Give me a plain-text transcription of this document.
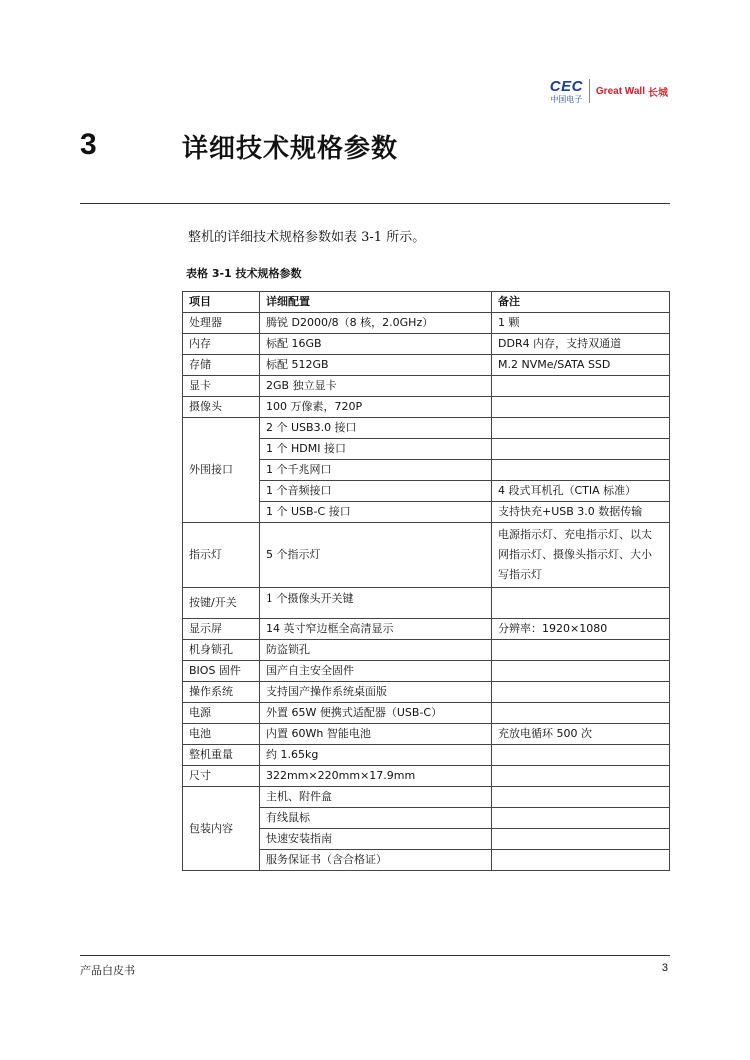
CEC
中国电子
Great Wall 长城
3	详细技术规格参数
整机的详细技术规格参数如表 3-1 所示。
表格 3-1 技术规格参数
项目	详细配置	备注
处理器	腾锐 D2000/8（8 核，2.0GHz）	1 颗
内存	标配 16GB	DDR4 内存，支持双通道
存储	标配 512GB	M.2 NVMe/SATA SSD
显卡	2GB 独立显卡	
摄像头	100 万像素，720P	
外围接口	2 个 USB3.0 接口	
	1 个 HDMI 接口	
	1 个千兆网口	
	1 个音频接口	4 段式耳机孔（CTIA 标准）
	1 个 USB-C 接口	支持快充+USB 3.0 数据传输
指示灯	5 个指示灯	电源指示灯、充电指示灯、以太
网指示灯、摄像头指示灯、大小
写指示灯

按键/开关	1 个摄像头开关键	
显示屏	14 英寸窄边框全高清显示	分辨率：1920×1080
机身锁孔	防盗锁孔	
BIOS 固件	国产自主安全固件	
操作系统	支持国产操作系统桌面版	
电源	外置 65W 便携式适配器（USB-C）	
电池	内置 60Wh 智能电池	充放电循环 500 次
整机重量	约 1.65kg	
尺寸	322mm×220mm×17.9mm	
包装内容	主机、附件盒	
	有线鼠标	
	快速安装指南	
	服务保证书（含合格证）	
产品白皮书	3
